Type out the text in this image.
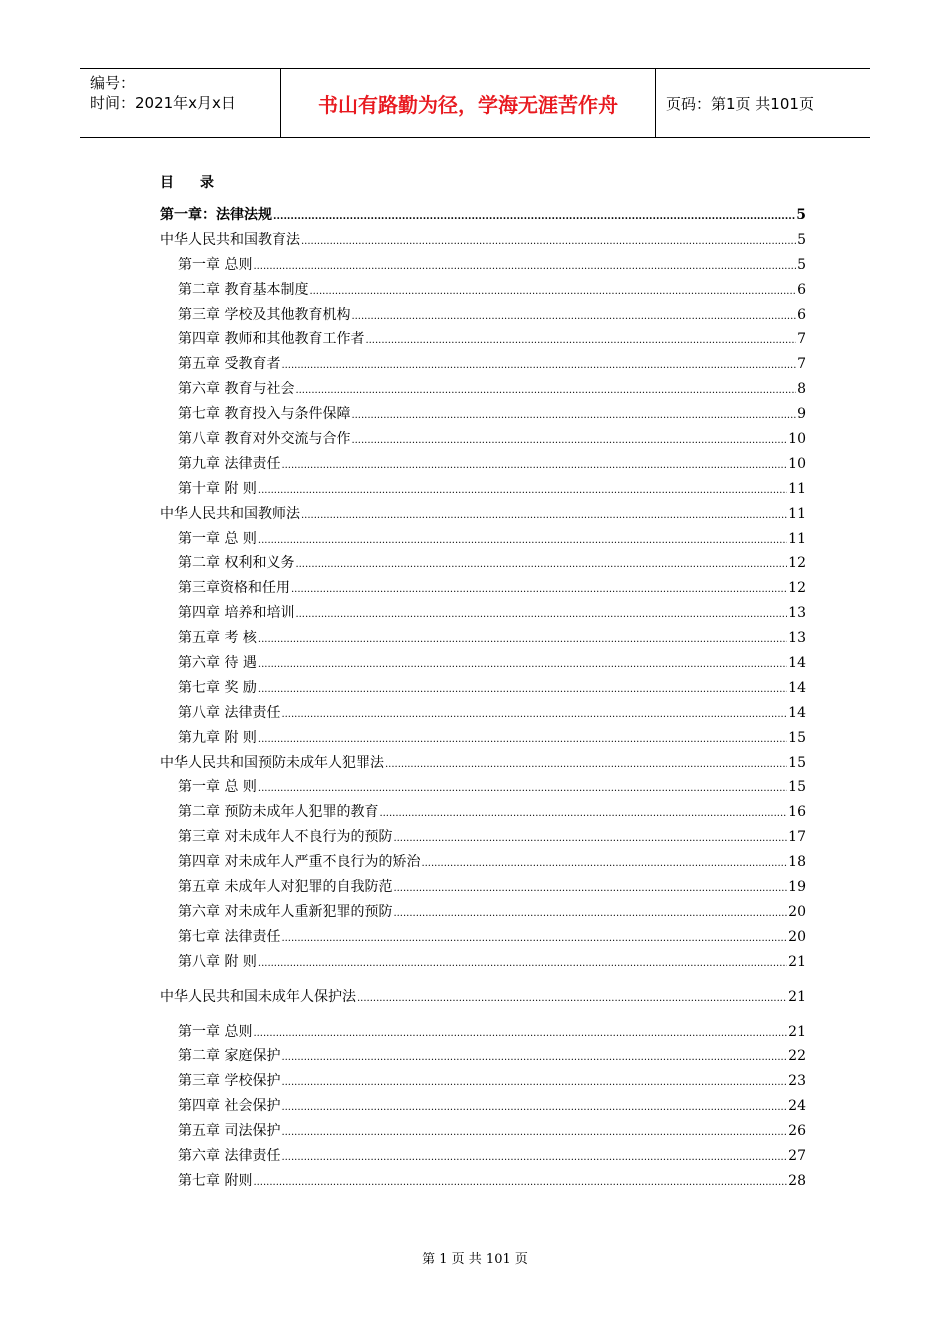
编号：
时间：2021年x月x日	书山有路勤为径，学海无涯苦作舟	页码：第1页 共101页
目 录
第一章：法律法规 .....	5
中华人民共和国教育法 .....	5
第一章 总则 .....	5
第二章 教育基本制度 .....	6
第三章 学校及其他教育机构 .....	6
第四章 教师和其他教育工作者 .....	7
第五章 受教育者 .....	7
第六章 教育与社会 .....	8
第七章 教育投入与条件保障 .....	9
第八章 教育对外交流与合作 .....	10
第九章 法律责任 .....	10
第十章 附 则 .....	11
中华人民共和国教师法 .....	11
第一章 总 则 .....	11
第二章 权利和义务 .....	12
第三章资格和任用 .....	12
第四章 培养和培训 .....	13
第五章 考 核 .....	13
第六章 待 遇 .....	14
第七章 奖 励 .....	14
第八章 法律责任 .....	14
第九章 附 则 .....	15
中华人民共和国预防未成年人犯罪法 .....	15
第一章 总 则 .....	15
第二章 预防未成年人犯罪的教育 .....	16
第三章 对未成年人不良行为的预防 .....	17
第四章 对未成年人严重不良行为的矫治 .....	18
第五章 未成年人对犯罪的自我防范 .....	19
第六章 对未成年人重新犯罪的预防 .....	20
第七章 法律责任 .....	20
第八章 附 则 .....	21
中华人民共和国未成年人保护法 .....	21
第一章 总则 .....	21
第二章 家庭保护 .....	22
第三章 学校保护 .....	23
第四章 社会保护 .....	24
第五章 司法保护 .....	26
第六章 法律责任 .....	27
第七章 附则 .....	28
第 1 页 共 101 页
